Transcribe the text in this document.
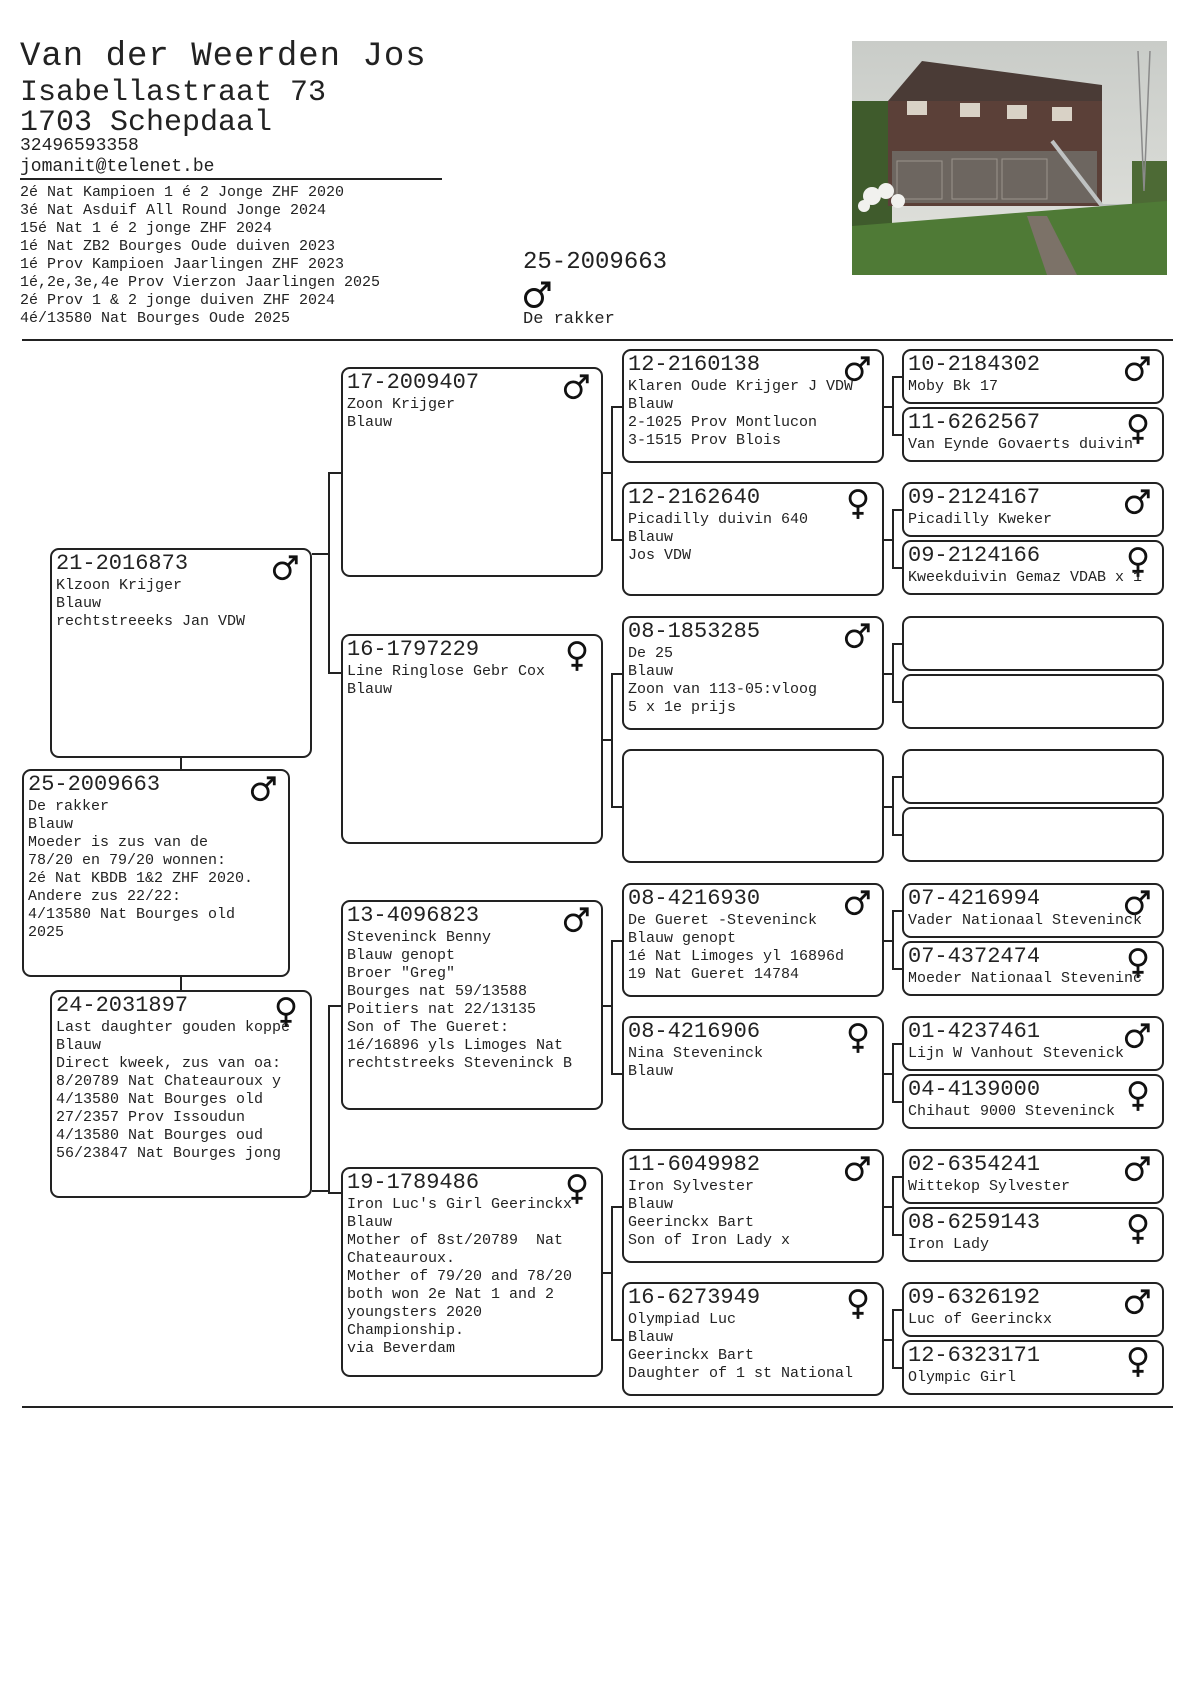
Van der Weerden Jos
Isabellastraat 73
1703 Schepdaal
32496593358
jomanit@telenet.be
2é Nat Kampioen 1 é 2 Jonge ZHF 2020
3é Nat Asduif All Round Jonge 2024
15é Nat 1 é 2 jonge ZHF 2024
1é Nat ZB2 Bourges Oude duiven 2023
1é Prov Kampioen Jaarlingen ZHF 2023
1é,2e,3e,4e Prov Vierzon Jaarlingen 2025
2é Prov 1 & 2 jonge duiven ZHF 2024
4é/13580 Nat Bourges Oude 2025
25-2009663
De rakker
21-2016873
Klzoon Krijger
Blauw
rechtstreeeks Jan VDW
25-2009663
De rakker
Blauw
Moeder is zus van de
78/20 en 79/20 wonnen:
2é Nat KBDB 1&2 ZHF 2020.
Andere zus 22/22:
4/13580 Nat Bourges old
2025
24-2031897
Last daughter gouden koppe
Blauw
Direct kweek, zus van oa:
8/20789 Nat Chateauroux y
4/13580 Nat Bourges old
27/2357 Prov Issoudun
4/13580 Nat Bourges oud
56/23847 Nat Bourges jong
17-2009407
Zoon Krijger
Blauw
16-1797229
Line Ringlose Gebr Cox
Blauw
13-4096823
Steveninck Benny
Blauw genopt
Broer "Greg"
Bourges nat 59/13588
Poitiers nat 22/13135
Son of The Gueret:
1é/16896 yls Limoges Nat
rechtstreeks Steveninck B
19-1789486
Iron Luc's Girl Geerinckx
Blauw
Mother of 8st/20789  Nat
Chateauroux.
Mother of 79/20 and 78/20
both won 2e Nat 1 and 2
youngsters 2020
Championship.
via Beverdam
12-2160138
Klaren Oude Krijger J VDW
Blauw
2-1025 Prov Montlucon
3-1515 Prov Blois
12-2162640
Picadilly duivin 640
Blauw
Jos VDW
08-1853285
De 25
Blauw
Zoon van 113-05:vloog
5 x 1e prijs
08-4216930
De Gueret -Steveninck
Blauw genopt
1é Nat Limoges yl 16896d
19 Nat Gueret 14784
08-4216906
Nina Steveninck
Blauw
11-6049982
Iron Sylvester
Blauw
Geerinckx Bart
Son of Iron Lady x
16-6273949
Olympiad Luc
Blauw
Geerinckx Bart
Daughter of 1 st National
10-2184302
Moby Bk 17
11-6262567
Van Eynde Govaerts duivin
09-2124167
Picadilly Kweker
09-2124166
Kweekduivin Gemaz VDAB x 1
07-4216994
Vader Nationaal Steveninck
07-4372474
Moeder Nationaal Steveninc
01-4237461
Lijn W Vanhout Stevenick
04-4139000
Chihaut 9000 Steveninck
02-6354241
Wittekop Sylvester
08-6259143
Iron Lady
09-6326192
Luc of Geerinckx
12-6323171
Olympic Girl
